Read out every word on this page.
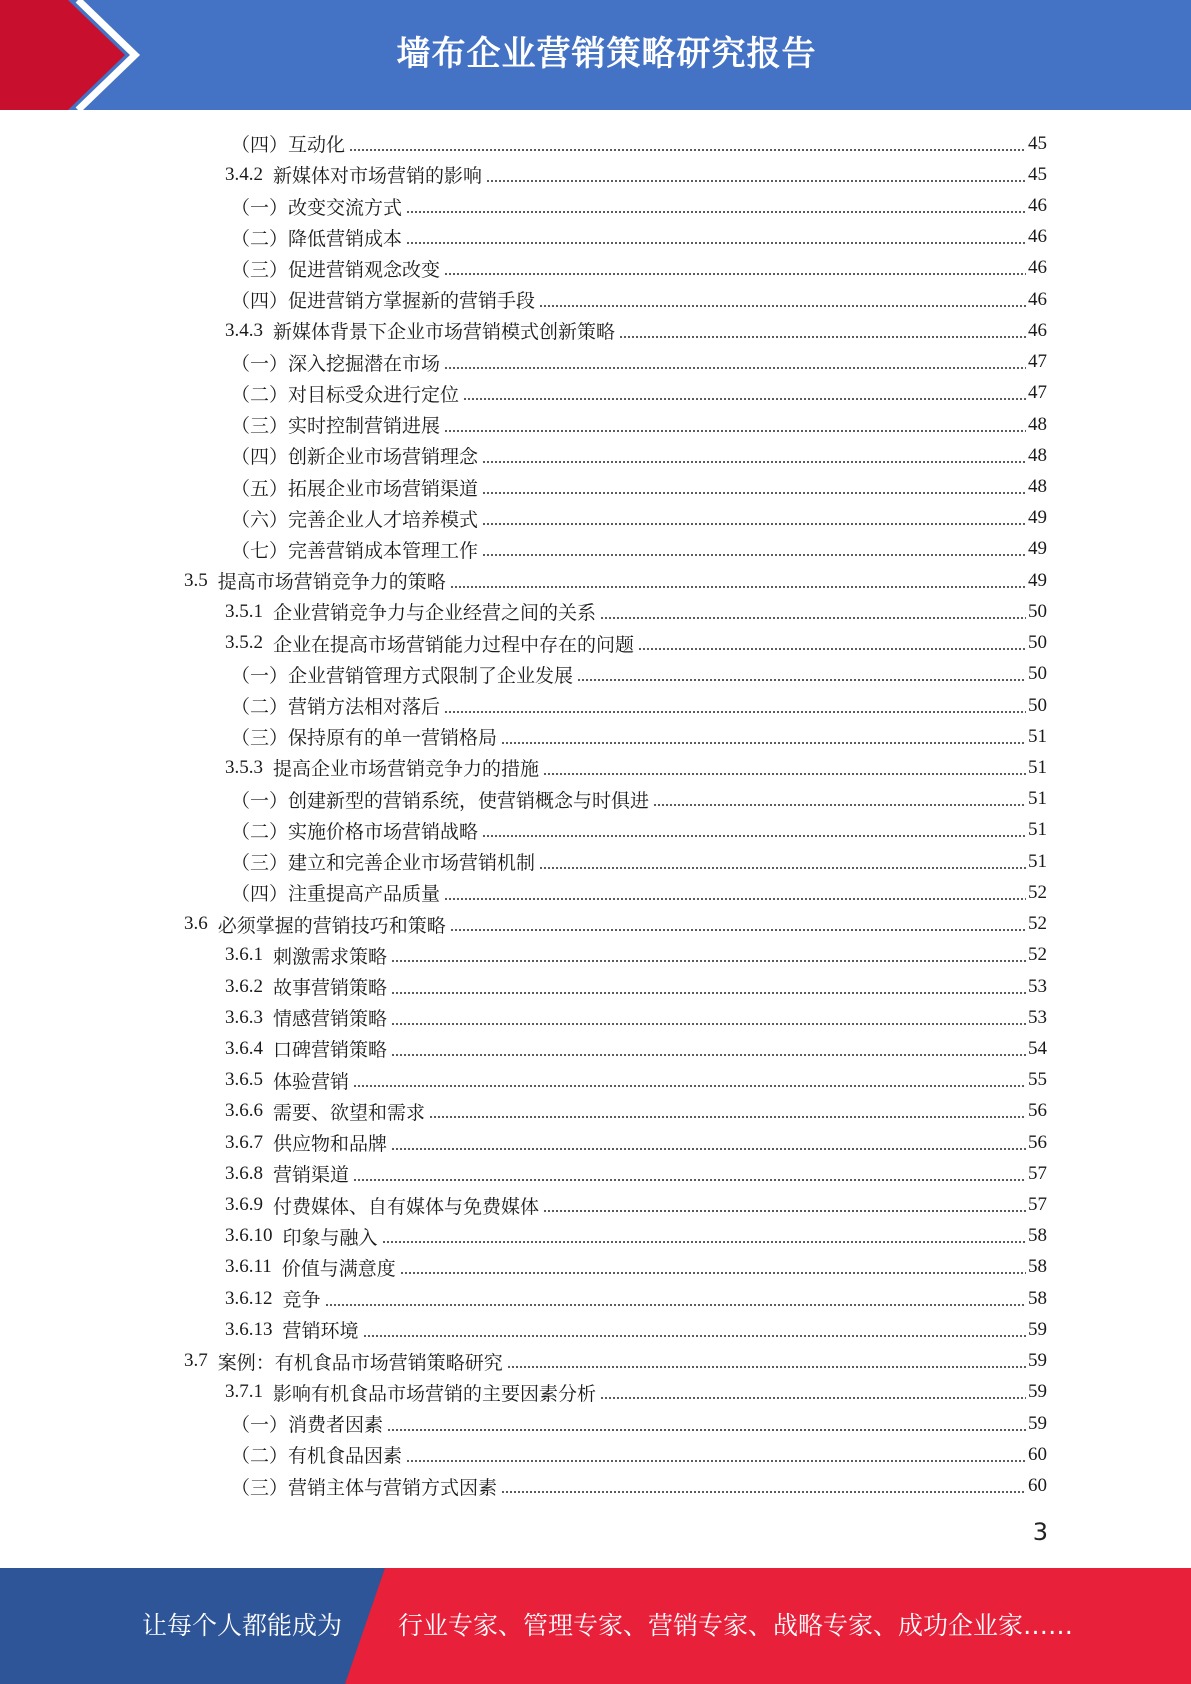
墙布企业营销策略研究报告
（四）互动化	45
3.4.2 新媒体对市场营销的影响	45
（一）改变交流方式	46
（二）降低营销成本	46
（三）促进营销观念改变	46
（四）促进营销方掌握新的营销手段	46
3.4.3 新媒体背景下企业市场营销模式创新策略	46
（一）深入挖掘潜在市场	47
（二）对目标受众进行定位	47
（三）实时控制营销进展	48
（四）创新企业市场营销理念	48
（五）拓展企业市场营销渠道	48
（六）完善企业人才培养模式	49
（七）完善营销成本管理工作	49
3.5 提高市场营销竞争力的策略	49
3.5.1 企业营销竞争力与企业经营之间的关系	50
3.5.2 企业在提高市场营销能力过程中存在的问题	50
（一）企业营销管理方式限制了企业发展	50
（二）营销方法相对落后	50
（三）保持原有的单一营销格局	51
3.5.3 提高企业市场营销竞争力的措施	51
（一）创建新型的营销系统，使营销概念与时俱进	51
（二）实施价格市场营销战略	51
（三）建立和完善企业市场营销机制	51
（四）注重提高产品质量	52
3.6 必须掌握的营销技巧和策略	52
3.6.1 刺激需求策略	52
3.6.2 故事营销策略	53
3.6.3 情感营销策略	53
3.6.4 口碑营销策略	54
3.6.5 体验营销	55
3.6.6 需要、欲望和需求	56
3.6.7 供应物和品牌	56
3.6.8 营销渠道	57
3.6.9 付费媒体、自有媒体与免费媒体	57
3.6.10 印象与融入	58
3.6.11 价值与满意度	58
3.6.12 竞争	58
3.6.13 营销环境	59
3.7 案例：有机食品市场营销策略研究	59
3.7.1 影响有机食品市场营销的主要因素分析	59
（一）消费者因素	59
（二）有机食品因素	60
（三）营销主体与营销方式因素	60
3
让每个人都能成为 行业专家、管理专家、营销专家、战略专家、成功企业家……
